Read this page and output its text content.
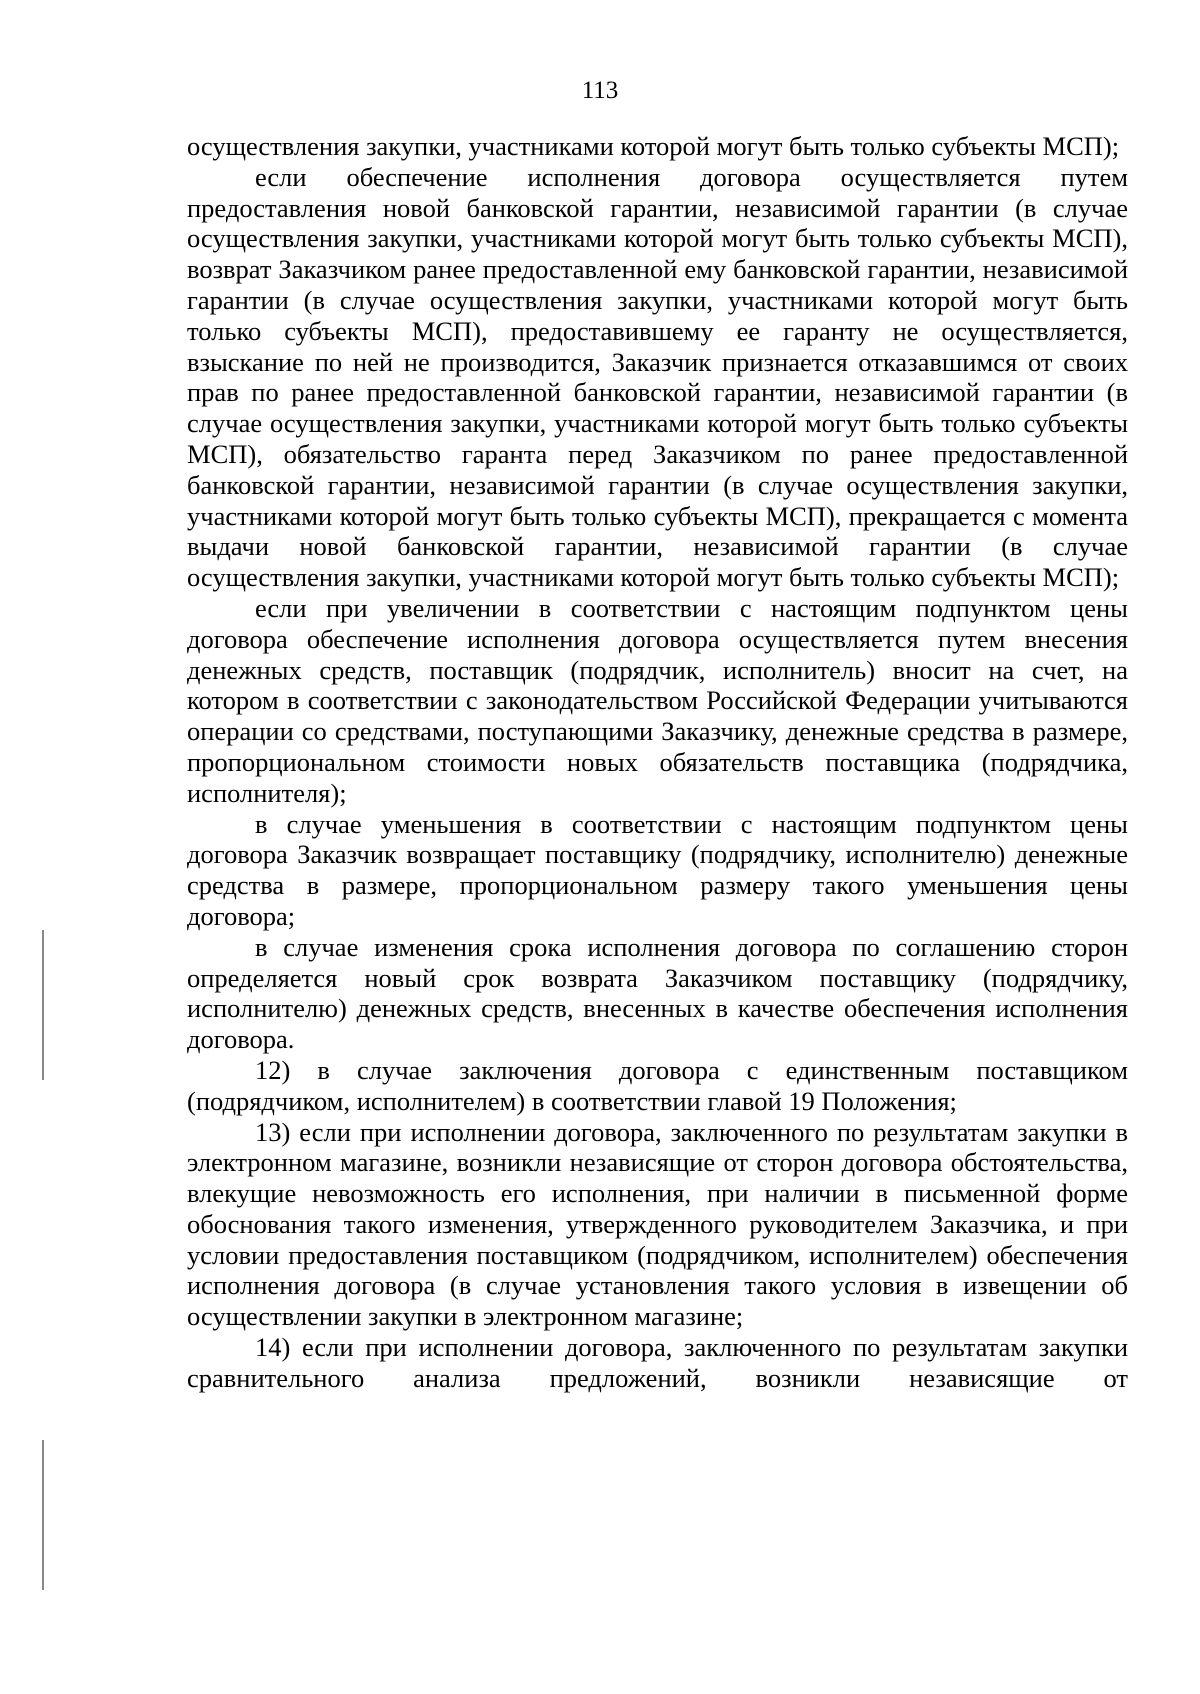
113

осуществления закупки, участниками которой могут быть только субъекты МСП);

если обеспечение исполнения договора осуществляется путем предоставления новой банковской гарантии, независимой гарантии (в случае осуществления закупки, участниками которой могут быть только субъекты МСП), возврат Заказчиком ранее предоставленной ему банковской гарантии, независимой гарантии (в случае осуществления закупки, участниками которой могут быть только субъекты МСП), предоставившему ее гаранту не осуществляется, взыскание по ней не производится, Заказчик признается отказавшимся от своих прав по ранее предоставленной банковской гарантии, независимой гарантии (в случае осуществления закупки, участниками которой могут быть только субъекты МСП), обязательство гаранта перед Заказчиком по ранее предоставленной банковской гарантии, независимой гарантии (в случае осуществления закупки, участниками которой могут быть только субъекты МСП), прекращается с момента выдачи новой банковской гарантии, независимой гарантии (в случае осуществления закупки, участниками которой могут быть только субъекты МСП);

если при увеличении в соответствии с настоящим подпунктом цены договора обеспечение исполнения договора осуществляется путем внесения денежных средств, поставщик (подрядчик, исполнитель) вносит на счет, на котором в соответствии с законодательством Российской Федерации учитываются операции со средствами, поступающими Заказчику, денежные средства в размере, пропорциональном стоимости новых обязательств поставщика (подрядчика, исполнителя);

в случае уменьшения в соответствии с настоящим подпунктом цены договора Заказчик возвращает поставщику (подрядчику, исполнителю) денежные средства в размере, пропорциональном размеру такого уменьшения цены договора;

в случае изменения срока исполнения договора по соглашению сторон определяется новый срок возврата Заказчиком поставщику (подрядчику, исполнителю) денежных средств, внесенных в качестве обеспечения исполнения договора.

12) в случае заключения договора с единственным поставщиком (подрядчиком, исполнителем) в соответствии главой 19 Положения;

13) если при исполнении договора, заключенного по результатам закупки в электронном магазине, возникли независящие от сторон договора обстоятельства, влекущие невозможность его исполнения, при наличии в письменной форме обоснования такого изменения, утвержденного руководителем Заказчика, и при условии предоставления поставщиком (подрядчиком, исполнителем) обеспечения исполнения договора (в случае установления такого условия в извещении об осуществлении закупки в электронном магазине;

14) если при исполнении договора, заключенного по результатам закупки сравнительного анализа предложений, возникли независящие от
